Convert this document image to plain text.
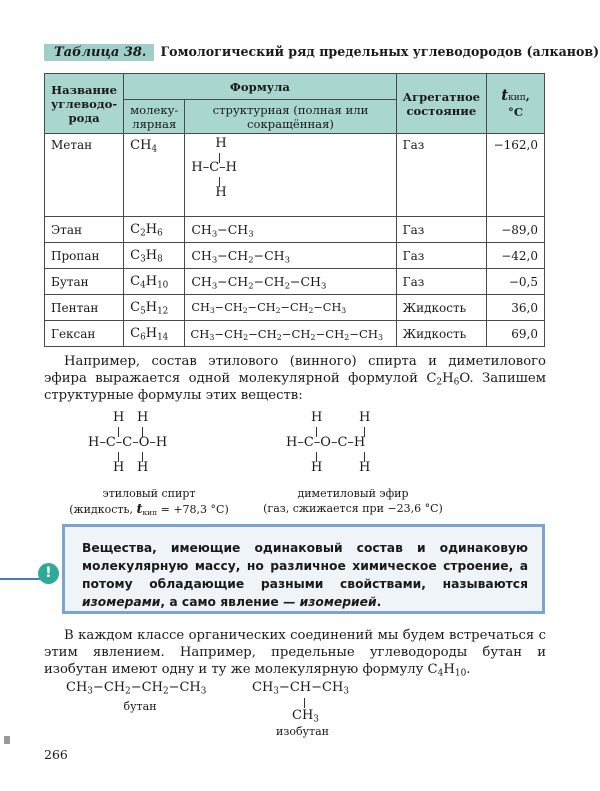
Таблица 38. Гомологический ряд предельных углеводородов (алканов)
Название углеводо-рода	Формула		Агрегатное состояние	tкип, °С
	молеку-лярная	структурная (полная или сокращённая)		
Метан	$CH_4$	H
H–C–H
H	Газ	−162,0
Этан	$C_2H_6$	$CH_3-CH_3$	Газ	−89,0
Пропан	$C_3H_8$	$CH_3-CH_2-CH_3$	Газ	−42,0
Бутан	$C_4H_{10}$	$CH_3-CH_2-CH_2-CH_3$	Газ	−0,5
Пентан	$C_5H_{12}$	$CH_3-CH_2-CH_2-CH_2-CH_3$	Жидкость	36,0
Гексан	$C_6H_{14}$	$CH_3-CH_2-CH_2-CH_2-CH_2-CH_3$	Жидкость	69,0
Например, состав этилового (винного) спирта и диметилового эфира выражается одной молекулярной формулой $C_2H_6O$. Запишем структурные формулы этих веществ:
H H
H–C–C–O–H
H H
H	H
H–C–O–C–H
H	H
этиловый спирт
(жидкость, $t_{кип} = +78,3$ °С)
диметиловый эфир
(газ, сжижается при −23,6 °С)
Вещества, имеющие одинаковый состав и одинаковую молекулярную массу, но различное химическое строение, а потому обладающие разными свойствами, называются изомерами, а само явление — изомерией.
!
В каждом классе органических соединений мы будем встречаться с этим явлением. Например, предельные углеводороды бутан и изобутан имеют одну и ту же молекулярную формулу $C_4H_{10}$.
$CH_3-CH_2-CH_2-CH_3$
бутан
$CH_3-CH-CH_3$
$CH_3$
изобутан
266
